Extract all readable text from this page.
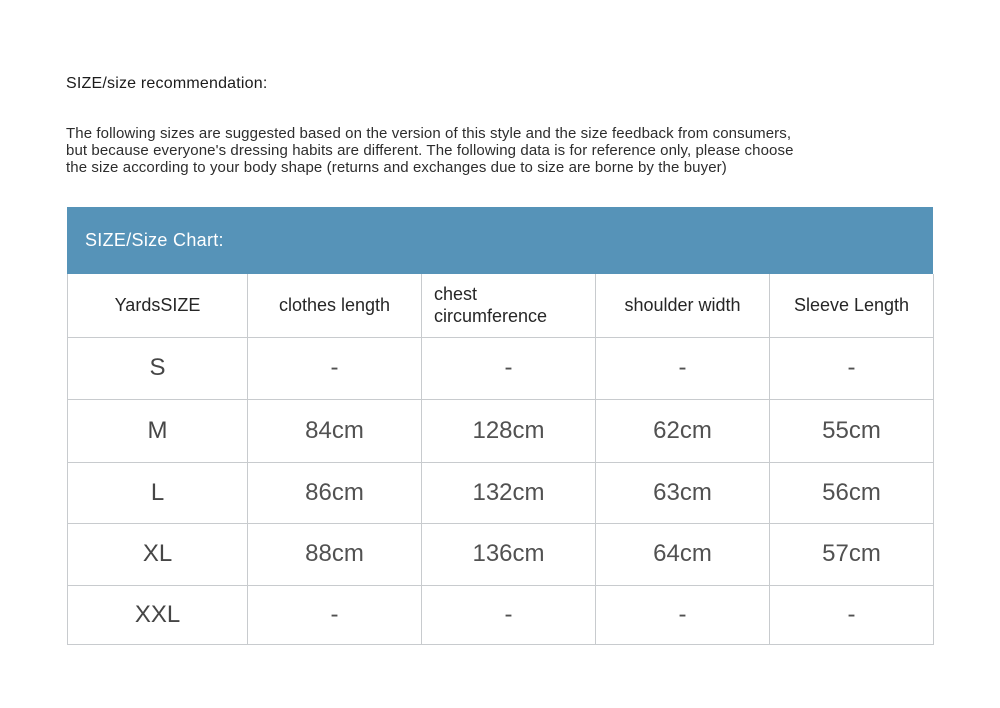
SIZE/size recommendation:
The following sizes are suggested based on the version of this style and the size feedback from consumers,
but because everyone's dressing habits are different. The following data is for reference only, please choose
the size according to your body shape (returns and exchanges due to size are borne by the buyer)
SIZE/Size Chart:
YardsSIZE	clothes length	chest circumference	shoulder width	Sleeve Length
S	-	-	-	-
M	84cm	128cm	62cm	55cm
L	86cm	132cm	63cm	56cm
XL	88cm	136cm	64cm	57cm
XXL	-	-	-	-
